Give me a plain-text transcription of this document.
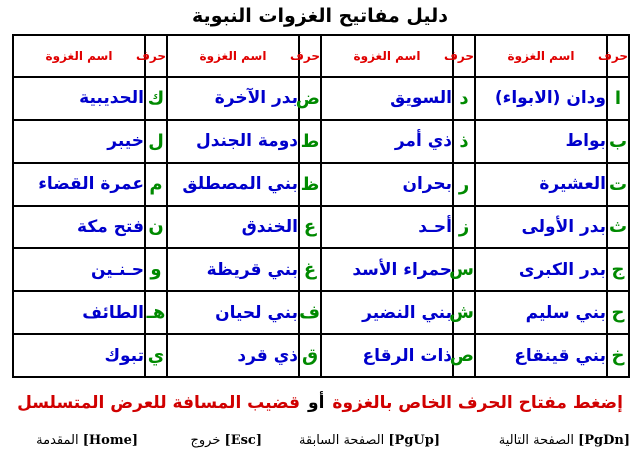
دليل مفاتيح الغزوات النبوية
حرف	اسم الغزوة	حرف	اسم الغزوة	حرف	اسم الغزوة	حرف	اسم الغزوة
ا	ودان (الابواء)	د	السويق	ض	بدر الآخرة	ك	الحديبية
ب	بواط	ذ	ذي أمر	ط	دومة الجندل	ل	خيبر
ت	العشيرة	ر	بحران	ظ	بني المصطلق	م	عمرة القضاء
ث	بدر الأولى	ز	أحـد	ع	الخندق	ن	فتح مكة
ج	بدر الكبرى	س	حمراء الأسد	غ	بني قريظة	و	حـنـين
ح	بني سليم	ش	بني النضير	ف	بني لحيان	هـ	الطائف
خ	بني قينقاع	ص	ذات الرقاع	ق	ذي قرد	ي	تبوك
إضغط مفتاح الحرف الخاص بالغزوةأوقضيب المسافة للعرض المتسلسل
[PgDn] الصفحة التالية
[PgUp] الصفحة السابقة
[Esc] خروج
[Home] المقدمة
